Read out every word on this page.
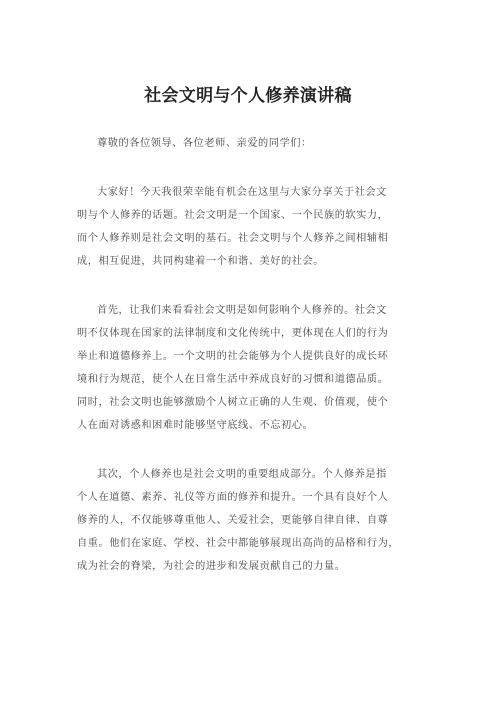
社会文明与个人修养演讲稿
尊敬的各位领导、各位老师、亲爱的同学们：
大家好！今天我很荣幸能有机会在这里与大家分享关于社会文
明与个人修养的话题。社会文明是一个国家、一个民族的软实力，
而个人修养则是社会文明的基石。社会文明与个人修养之间相辅相
成，相互促进，共同构建着一个和谐、美好的社会。
首先，让我们来看看社会文明是如何影响个人修养的。社会文
明不仅体现在国家的法律制度和文化传统中，更体现在人们的行为
举止和道德修养上。一个文明的社会能够为个人提供良好的成长环
境和行为规范，使个人在日常生活中养成良好的习惯和道德品质。
同时，社会文明也能够激励个人树立正确的人生观、价值观，使个
人在面对诱惑和困难时能够坚守底线、不忘初心。
其次，个人修养也是社会文明的重要组成部分。个人修养是指
个人在道德、素养、礼仪等方面的修养和提升。一个具有良好个人
修养的人，不仅能够尊重他人、关爱社会，更能够自律自律、自尊
自重。他们在家庭、学校、社会中都能够展现出高尚的品格和行为，
成为社会的脊梁，为社会的进步和发展贡献自己的力量。
